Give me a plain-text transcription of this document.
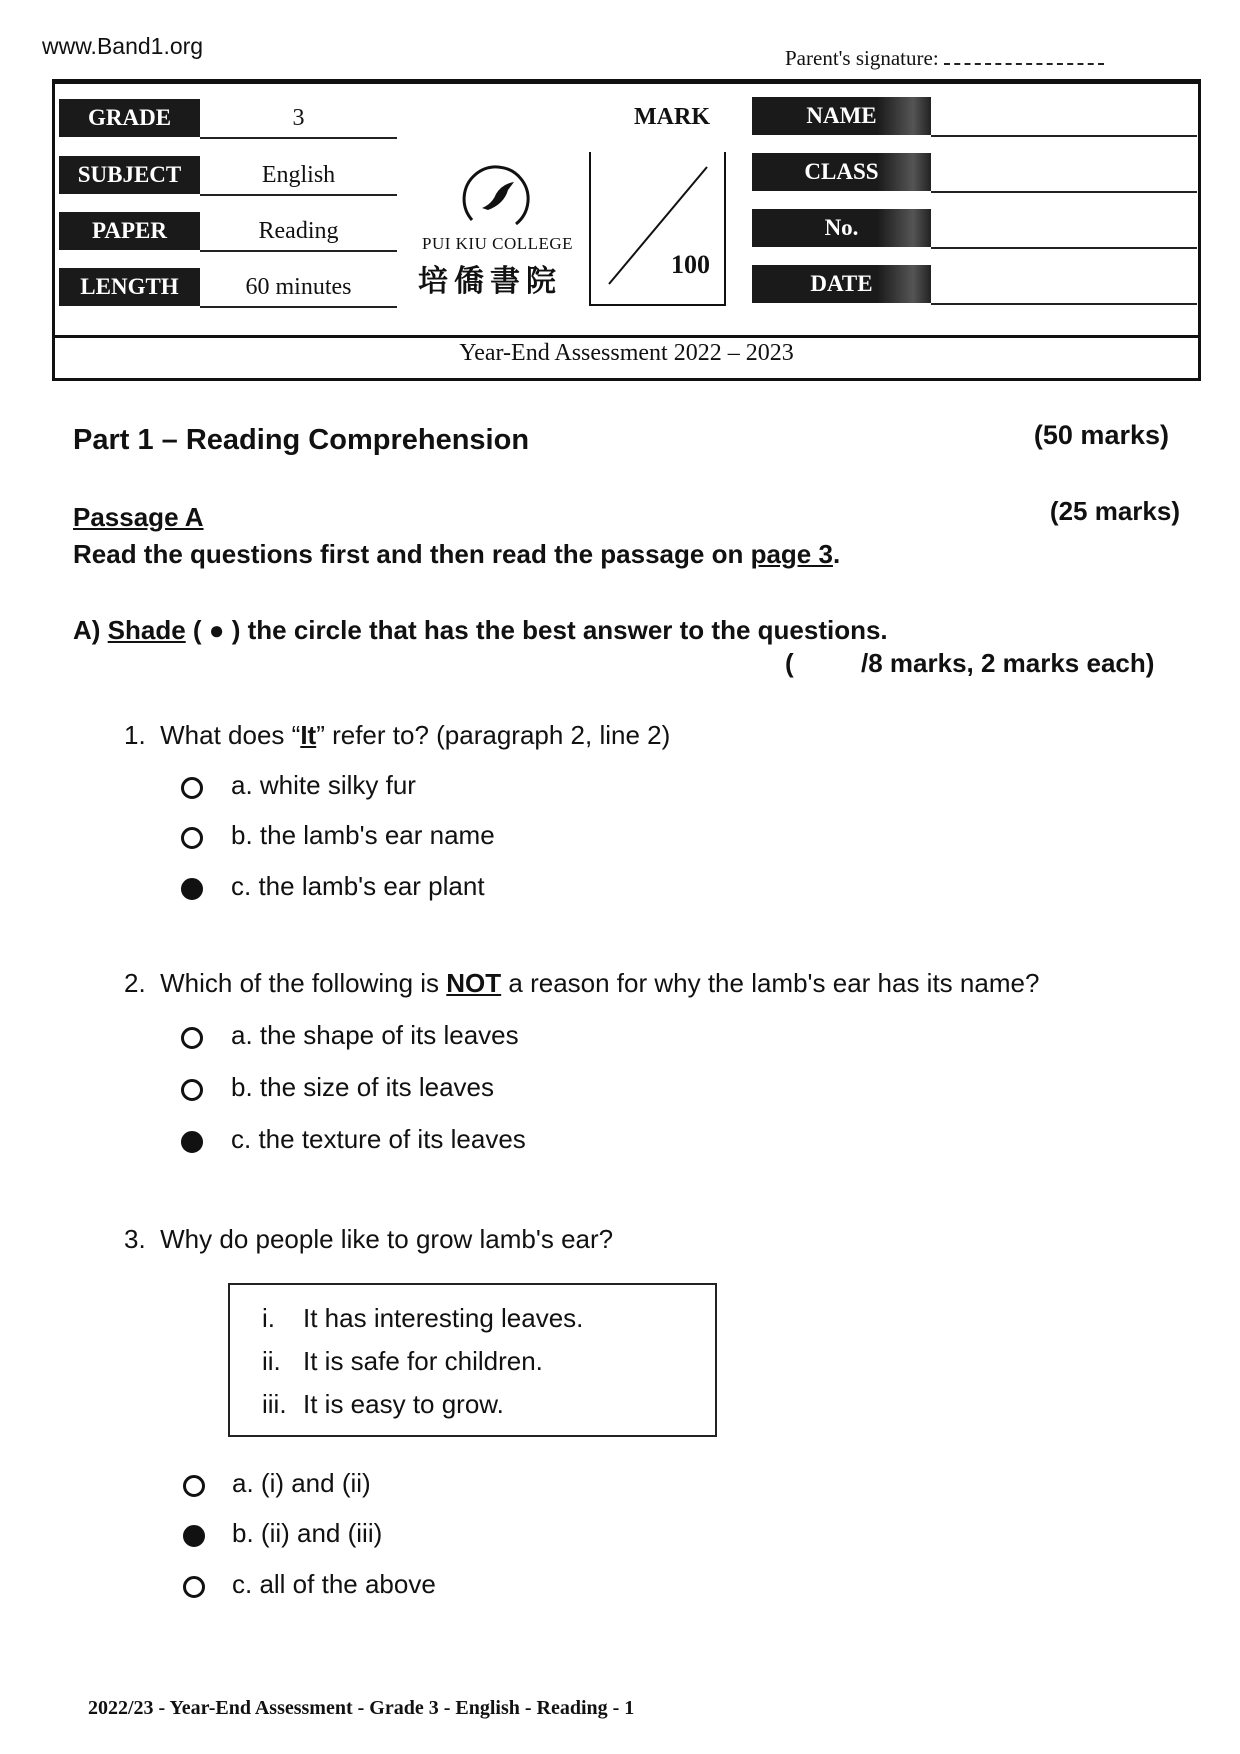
www.Band1.org	Parent's signature:
GRADE	3
SUBJECT	English
PAPER	Reading
LENGTH	60 minutes
PUI KIU COLLEGE
培僑書院
MARK
100
NAME
CLASS
No.
DATE
Year-End Assessment 2022 – 2023
Part 1 – Reading Comprehension	(50 marks)
Passage A	(25 marks)
Read the questions first and then read the passage on page 3.
A) Shade ( ● ) the circle that has the best answer to the questions.
(	/8 marks, 2 marks each)
1. What does “It” refer to? (paragraph 2, line 2)
a. white silky fur
b. the lamb's ear name
c. the lamb's ear plant
2. Which of the following is NOT a reason for why the lamb's ear has its name?
a. the shape of its leaves
b. the size of its leaves
c. the texture of its leaves
3. Why do people like to grow lamb's ear?
i. It has interesting leaves.
ii. It is safe for children.
iii. It is easy to grow.
a. (i) and (ii)
b. (ii) and (iii)
c. all of the above
2022/23 - Year-End Assessment - Grade 3 - English - Reading - 1
